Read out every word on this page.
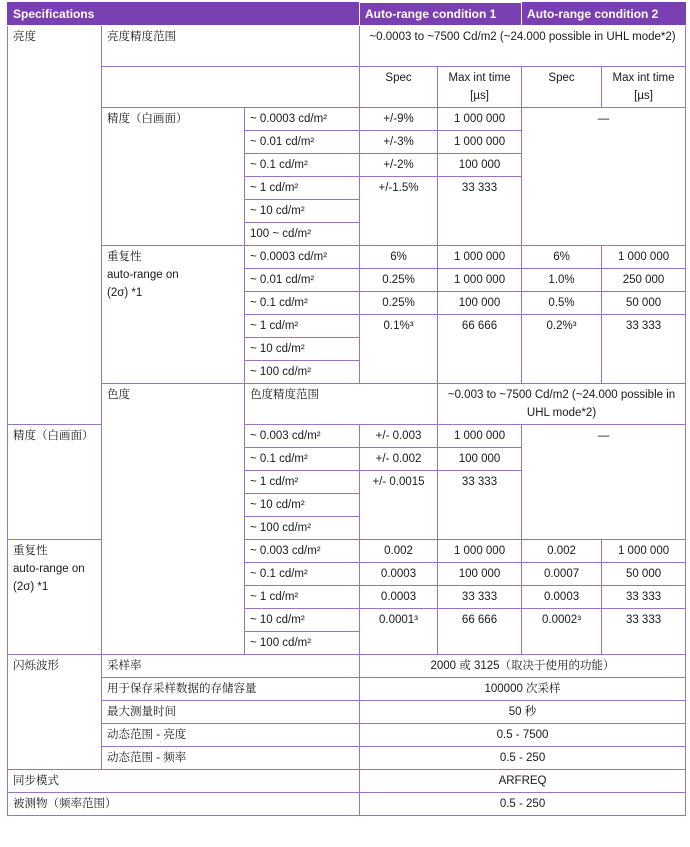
Specifications			Auto-range condition 1		Auto-range condition 2	
亮度	亮度精度范围		~0.0003 to ~7500 Cd/m2 (~24.000 possible in UHL mode*2)			
			Spec	Max int time [µs]	Spec	Max int time [µs]
	精度（白画面）	~ 0.0003 cd/m²	+/-9%	1 000 000	—	
		~ 0.01 cd/m²	+/-3%	1 000 000		
		~ 0.1 cd/m²	+/-2%	100 000		
		~ 1 cd/m²	+/-1.5%	33 333		
		~ 10 cd/m²				
		100 ~ cd/m²				
	重复性
auto-range on
(2σ) *1	~ 0.0003 cd/m²	6%	1 000 000	6%	1 000 000
		~ 0.01 cd/m²	0.25%	1 000 000	1.0%	250 000
		~ 0.1 cd/m²	0.25%	100 000	0.5%	50 000
		~ 1 cd/m²	0.1%³	66 666	0.2%³	33 333
		~ 10 cd/m²				
		~ 100 cd/m²				
	色度	色度精度范围		~0.003 to ~7500 Cd/m2 (~24.000 possible in UHL mode*2)		
精度（白画面）		~ 0.003 cd/m²	+/- 0.003	1 000 000	—	
		~ 0.1 cd/m²	+/- 0.002	100 000		
		~ 1 cd/m²	+/- 0.0015	33 333		
		~ 10 cd/m²				
		~ 100 cd/m²				
重复性
auto-range on
(2σ) *1		~ 0.003 cd/m²	0.002	1 000 000	0.002	1 000 000
		~ 0.1 cd/m²	0.0003	100 000	0.0007	50 000
		~ 1 cd/m²	0.0003	33 333	0.0003	33 333
		~ 10 cd/m²	0.0001³	66 666	0.0002³	33 333
		~ 100 cd/m²				
闪烁波形	采样率		2000 或 3125（取决于使用的功能）			
	用于保存采样数据的存储容量		100000 次采样			
	最大测量时间		50 秒			
	动态范围 - 亮度		0.5 - 7500			
	动态范围 - 频率		0.5 - 250			
同步模式			ARFREQ			
被测物（频率范围）			0.5 - 250			
